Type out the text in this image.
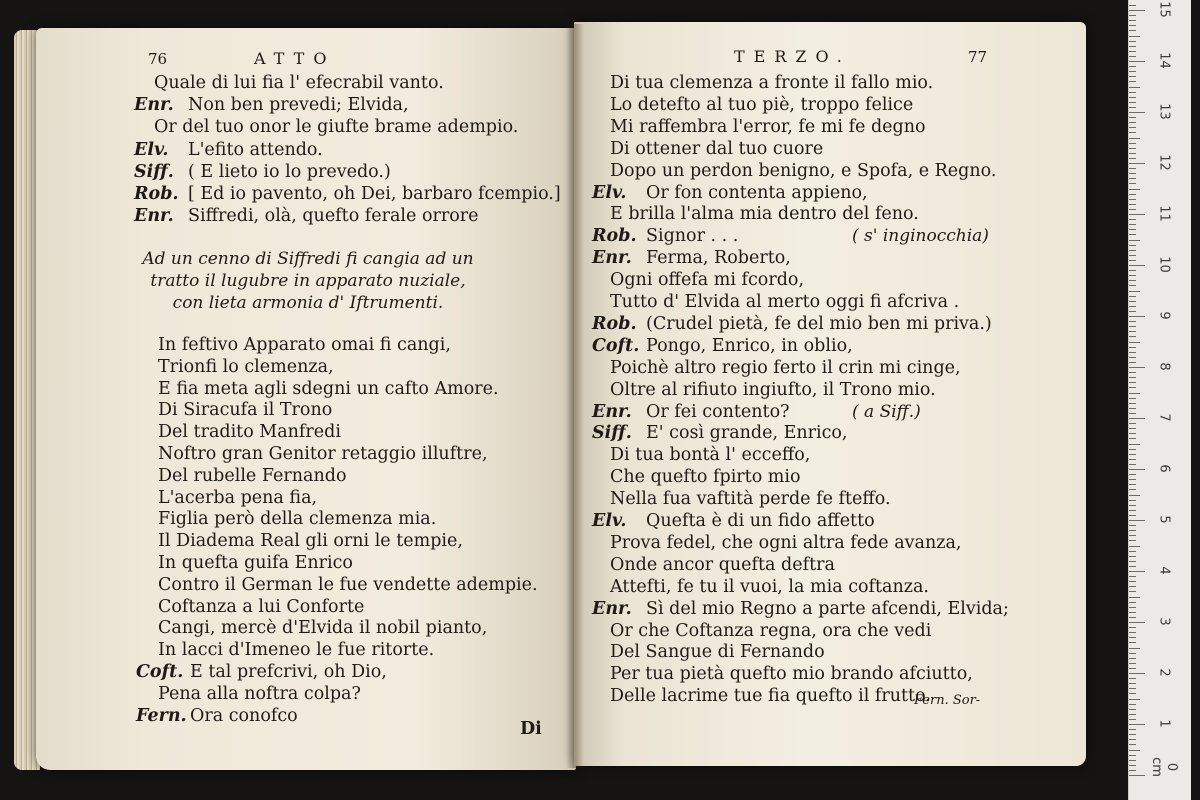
76	ATTO
Quale di lui fia l' efecrabil vanto.
Enr. Non ben prevedi; Elvida,
Or del tuo onor le giufte brame adempio.
Elv. L'efito attendo.
Siff. ( E lieto io lo prevedo.)
Rob. [ Ed io pavento, oh Dei, barbaro fcempio.]
Enr. Siffredi, olà, quefto ferale orrore
Ad un cenno di Siffredi fi cangia ad un
tratto il lugubre in apparato nuziale,
con lieta armonia d' Iftrumenti.
In feftivo Apparato omai fi cangi,
Trionfi lo clemenza,
E fia meta agli sdegni un cafto Amore.
Di Siracufa il Trono
Del tradito Manfredi
Noftro gran Genitor retaggio illuftre,
Del rubelle Fernando
L'acerba pena fia,
Figlia però della clemenza mia.
Il Diadema Real gli orni le tempie,
In quefta guifa Enrico
Contro il German le fue vendette adempie.
Coftanza a lui Conforte
Cangi, mercè d'Elvida il nobil pianto,
In lacci d'Imeneo le fue ritorte.
Coft. E tal prefcrivi, oh Dio,
Pena alla noftra colpa?
Fern. Ora conofco
Di
TERZO.	77
Di tua clemenza a fronte il fallo mio.
Lo detefto al tuo piè, troppo felice
Mi raffembra l'error, fe mi fe degno
Di ottener dal tuo cuore
Dopo un perdon benigno, e Spofa, e Regno.
Elv. Or fon contenta appieno,
E brilla l'alma mia dentro del feno.
Rob. Signor . . .	( s' inginocchia)
Enr. Ferma, Roberto,
Ogni offefa mi fcordo,
Tutto d' Elvida al merto oggi fi afcriva .
Rob. (Crudel pietà, fe del mio ben mi priva.)
Coft. Pongo, Enrico, in oblio,
Poichè altro regio ferto il crin mi cinge,
Oltre al rifiuto ingiufto, il Trono mio.
Enr. Or fei contento?	( a Siff.)
Siff. E' così grande, Enrico,
Di tua bontà l' ecceffo,
Che quefto fpirto mio
Nella fua vaftità perde fe fteffo.
Elv. Quefta è di un fido affetto
Prova fedel, che ogni altra fede avanza,
Onde ancor quefta deftra
Attefti, fe tu il vuoi, la mia coftanza.
Enr. Sì del mio Regno a parte afcendi, Elvida;
Or che Coftanza regna, ora che vedi
Del Sangue di Fernando
Per tua pietà quefto mio brando afciutto,
Delle lacrime tue fia quefto il frutto.
Fern. Sor-
0 cm
1
2
3
4
5
6
7
8
9
10
11
12
13
14
15
